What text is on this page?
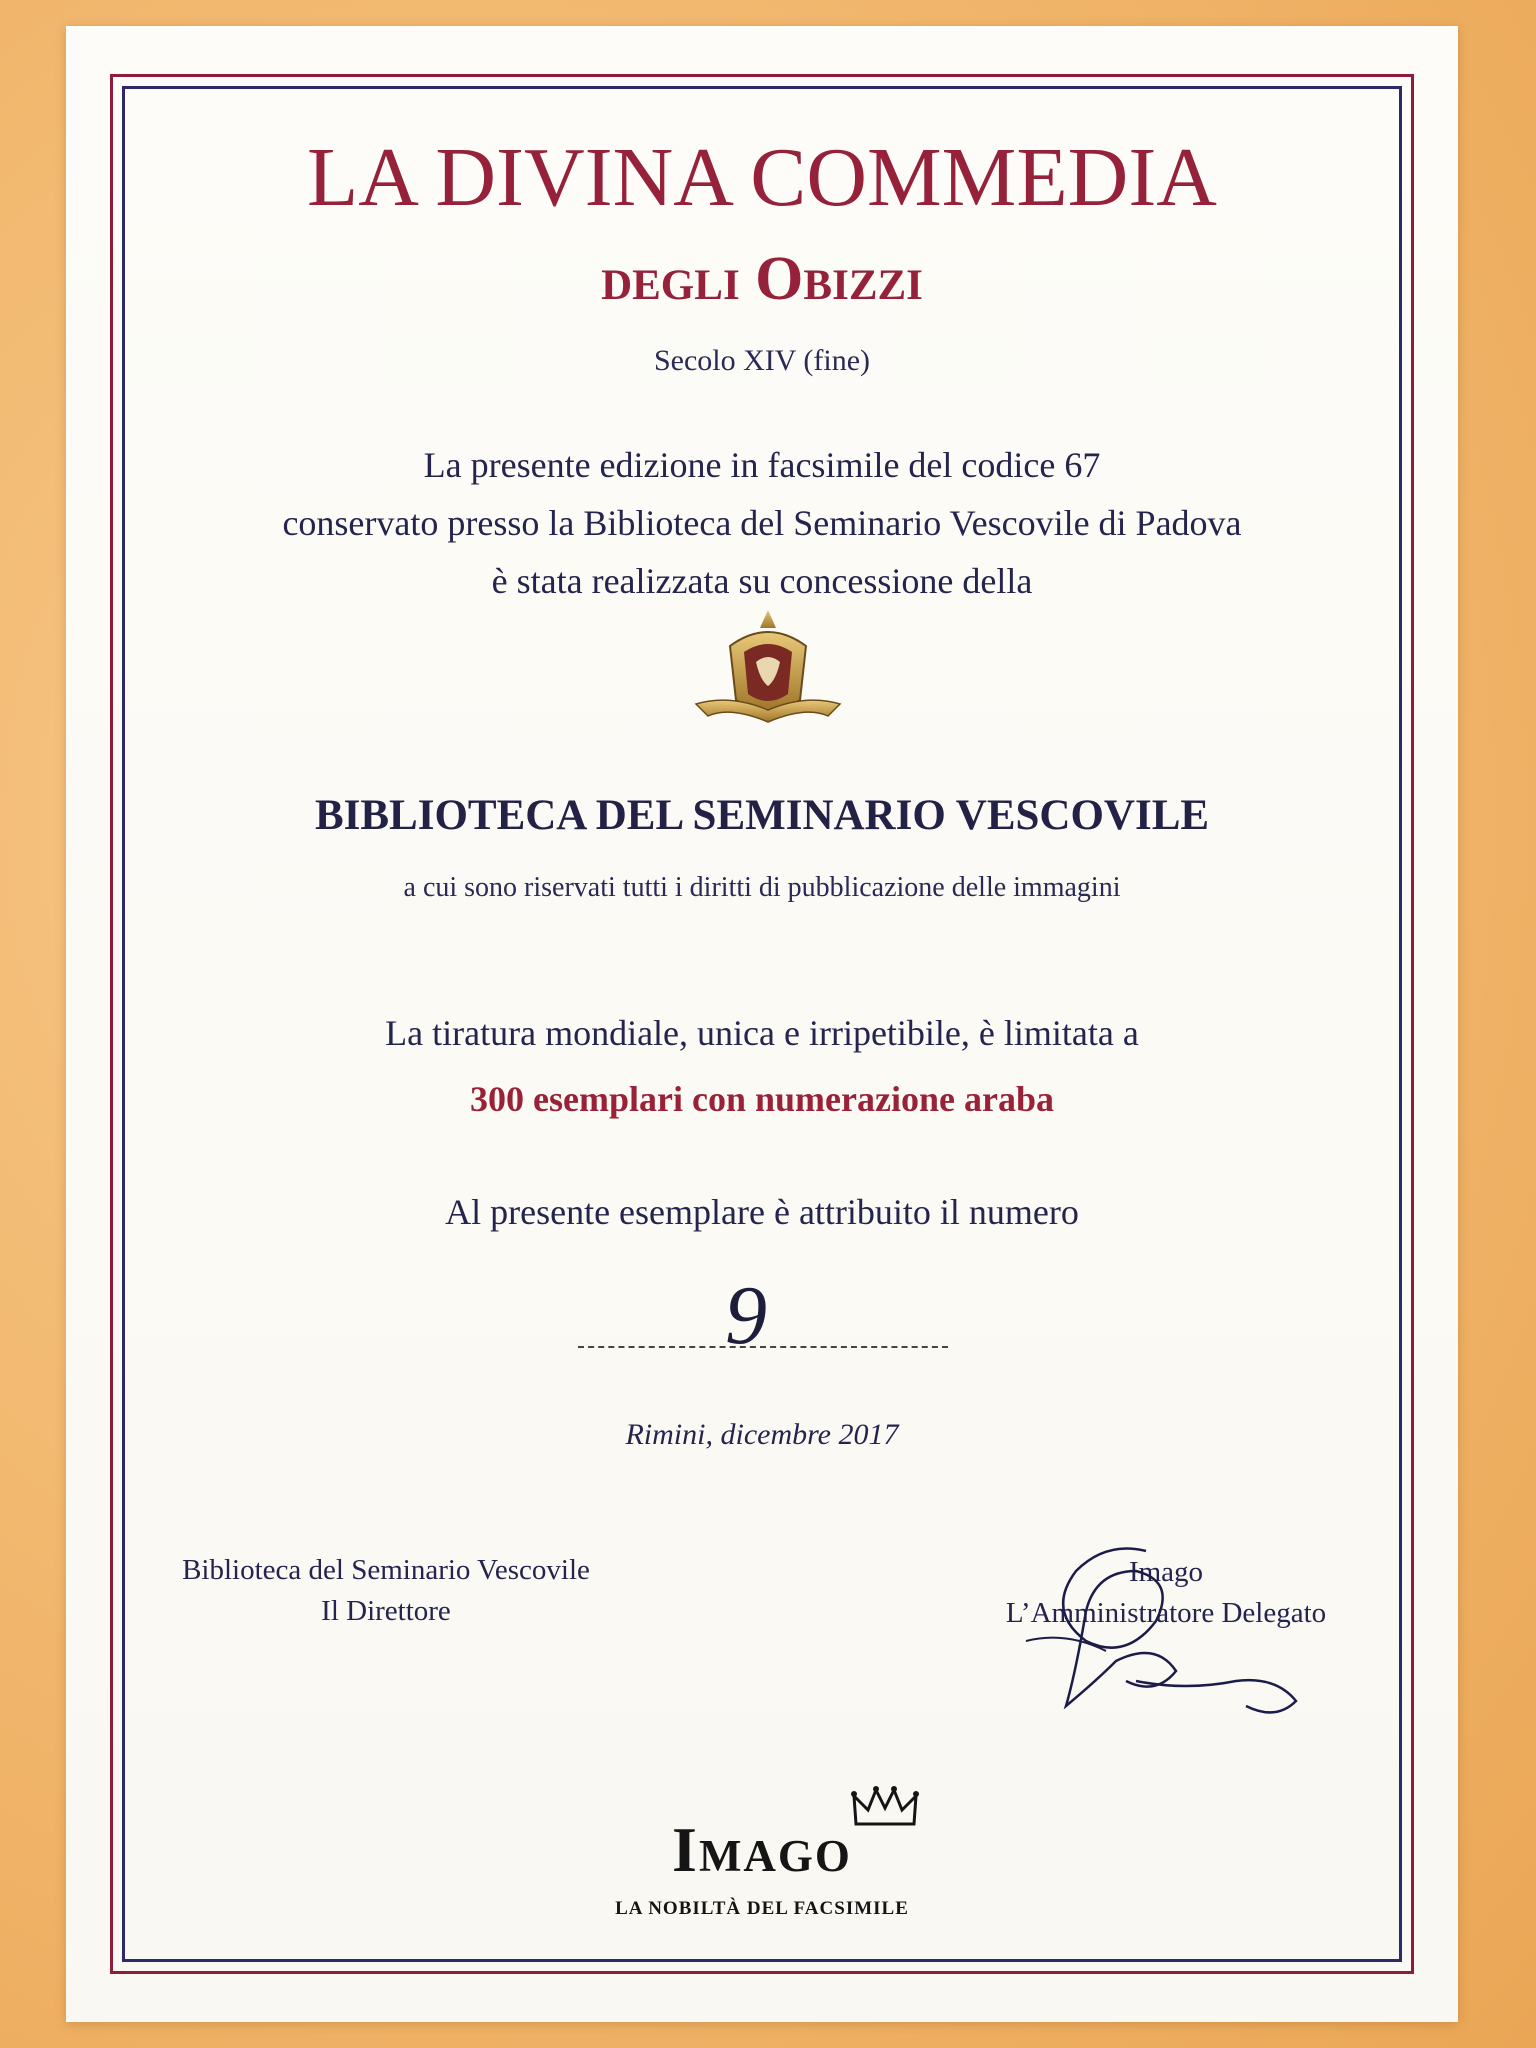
LA DIVINA COMMEDIA
degli Obizzi
Secolo XIV (fine)
La presente edizione in facsimile del codice 67
conservato presso la Biblioteca del Seminario Vescovile di Padova
è stata realizzata su concessione della
BIBLIOTECA DEL SEMINARIO VESCOVILE
a cui sono riservati tutti i diritti di pubblicazione delle immagini
La tiratura mondiale, unica e irripetibile, è limitata a
300 esemplari con numerazione araba
Al presente esemplare è attribuito il numero
9
Rimini, dicembre 2017
Biblioteca del Seminario Vescovile
Il Direttore
Imago
L’Amministratore Delegato
Imago
LA NOBILTÀ DEL FACSIMILE
